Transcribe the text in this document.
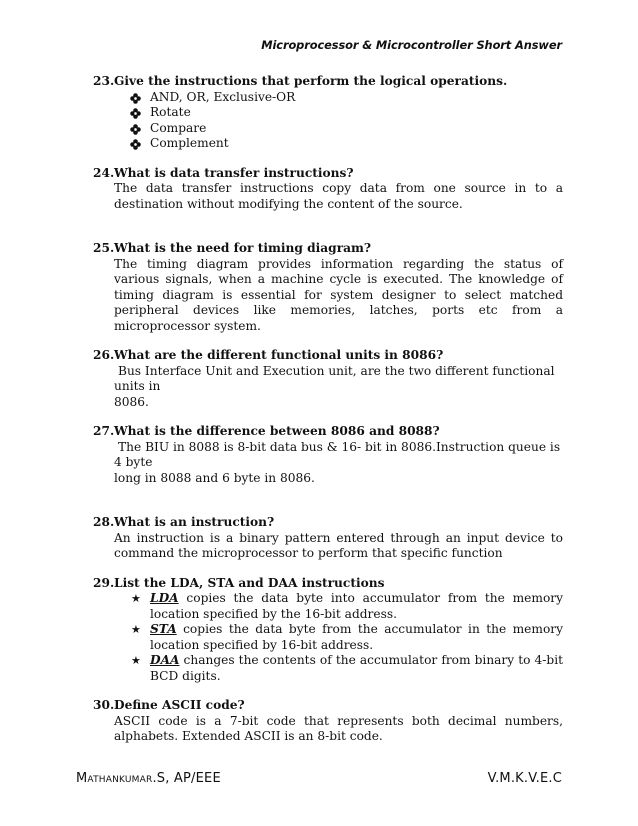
Microprocessor & Microcontroller Short Answer
23.Give the instructions that perform the logical operations.
AND, OR, Exclusive-OR
Rotate
Compare
Complement
24.What is data transfer instructions?
The data transfer instructions copy data from one source in to a destination without modifying the content of the source.
25.What is the need for timing diagram?
The timing diagram provides information regarding the status of various signals, when a machine cycle is executed. The knowledge of timing diagram is essential for system designer to select matched peripheral devices like memories, latches, ports etc from a microprocessor system.
26.What are the different functional units in 8086?
Bus Interface Unit and Execution unit, are the two different functional units in
8086.
27.What is the difference between 8086 and 8088?
The BIU in 8088 is 8-bit data bus & 16- bit in 8086.Instruction queue is 4 byte
long in 8088 and 6 byte in 8086.
28.What is an instruction?
An instruction is a binary pattern entered through an input device to command the microprocessor to perform that specific function
29.List the LDA, STA and DAA instructions
★ LDA copies the data byte into accumulator from the memory location specified by the 16-bit address.
★ STA copies the data byte from the accumulator in the memory location specified by 16-bit address.
★ DAA changes the contents of the accumulator from binary to 4-bit BCD digits.
30.Define ASCII code?
ASCII code is a 7-bit code that represents both decimal numbers, alphabets. Extended ASCII is an 8-bit code.
Mathankumar.S, AP/EEE	V.M.K.V.E.C
